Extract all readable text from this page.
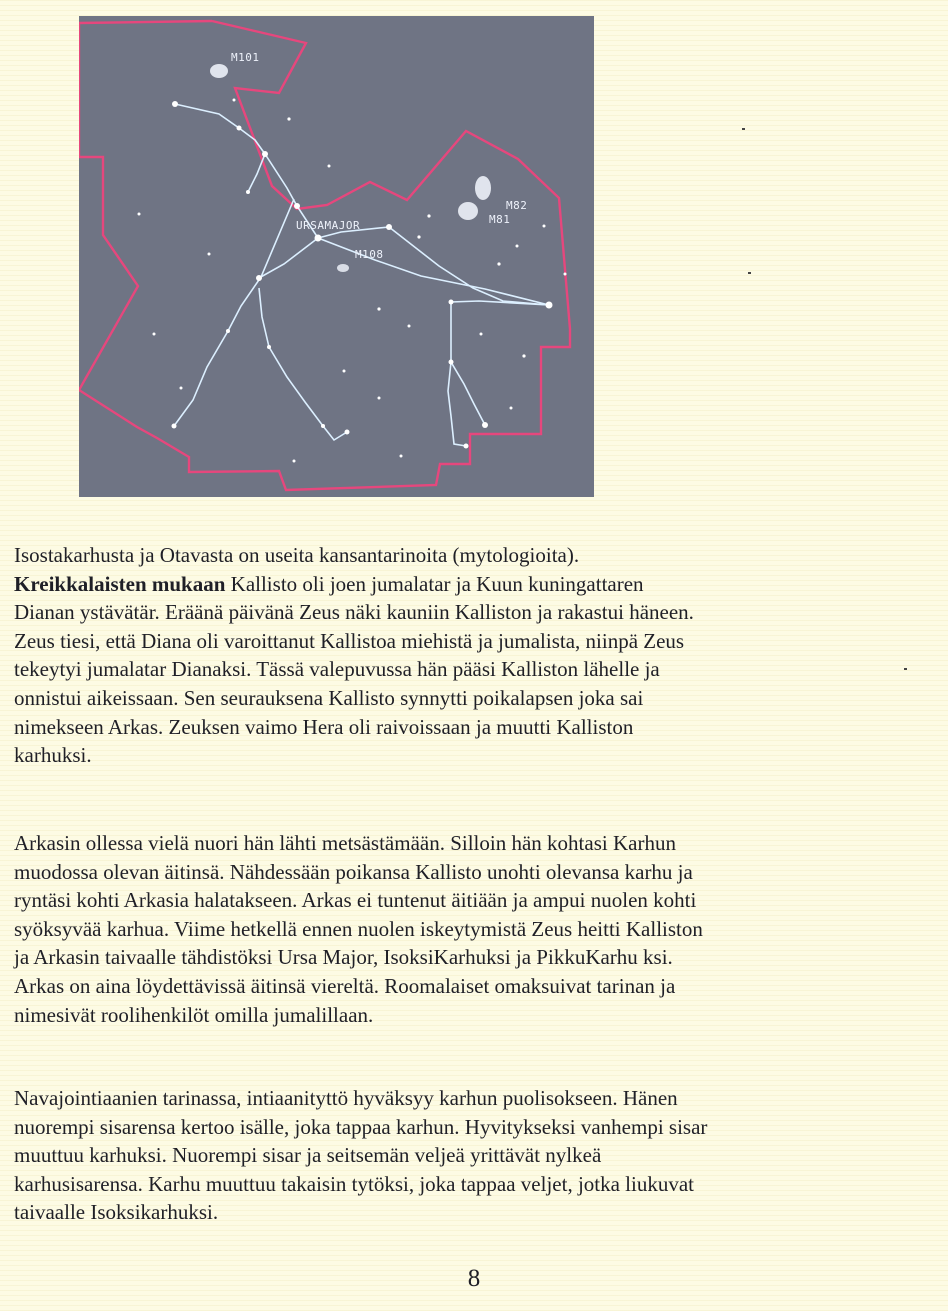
M101
M82
M81
URSAMAJOR
M108
Isostakarhusta ja Otavasta on useita kansantarinoita (mytologioita).
Kreikkalaisten mukaan Kallisto oli joen jumalatar ja Kuun kuningattaren
Dianan ystävätär. Eräänä päivänä Zeus näki kauniin Kalliston ja rakastui häneen.
Zeus tiesi, että Diana oli varoittanut Kallistoa miehistä ja jumalista, niinpä Zeus
tekeytyi jumalatar Dianaksi. Tässä valepuvussa hän pääsi Kalliston lähelle ja
onnistui aikeissaan. Sen seurauksena Kallisto synnytti poikalapsen joka sai
nimekseen Arkas. Zeuksen vaimo Hera oli raivoissaan ja muutti Kalliston
karhuksi.
Arkasin ollessa vielä nuori hän lähti metsästämään. Silloin hän kohtasi Karhun
muodossa olevan äitinsä. Nähdessään poikansa Kallisto unohti olevansa karhu ja
ryntäsi kohti Arkasia halatakseen. Arkas ei tuntenut äitiään ja ampui nuolen kohti
syöksyvää karhua. Viime hetkellä ennen nuolen iskeytymistä Zeus heitti Kalliston
ja Arkasin taivaalle tähdistöksi Ursa Major, IsoksiKarhuksi ja PikkuKarhu ksi.
Arkas on aina löydettävissä äitinsä viereltä. Roomalaiset omaksuivat tarinan ja
nimesivät roolihenkilöt omilla jumalillaan.
Navajointiaanien tarinassa, intiaanityttö hyväksyy karhun puolisokseen. Hänen
nuorempi sisarensa kertoo isälle, joka tappaa karhun. Hyvitykseksi vanhempi sisar
muuttuu karhuksi. Nuorempi sisar ja seitsemän veljeä yrittävät nylkeä
karhusisarensa. Karhu muuttuu takaisin tytöksi, joka tappaa veljet, jotka liukuvat
taivaalle Isoksikarhuksi.
8
